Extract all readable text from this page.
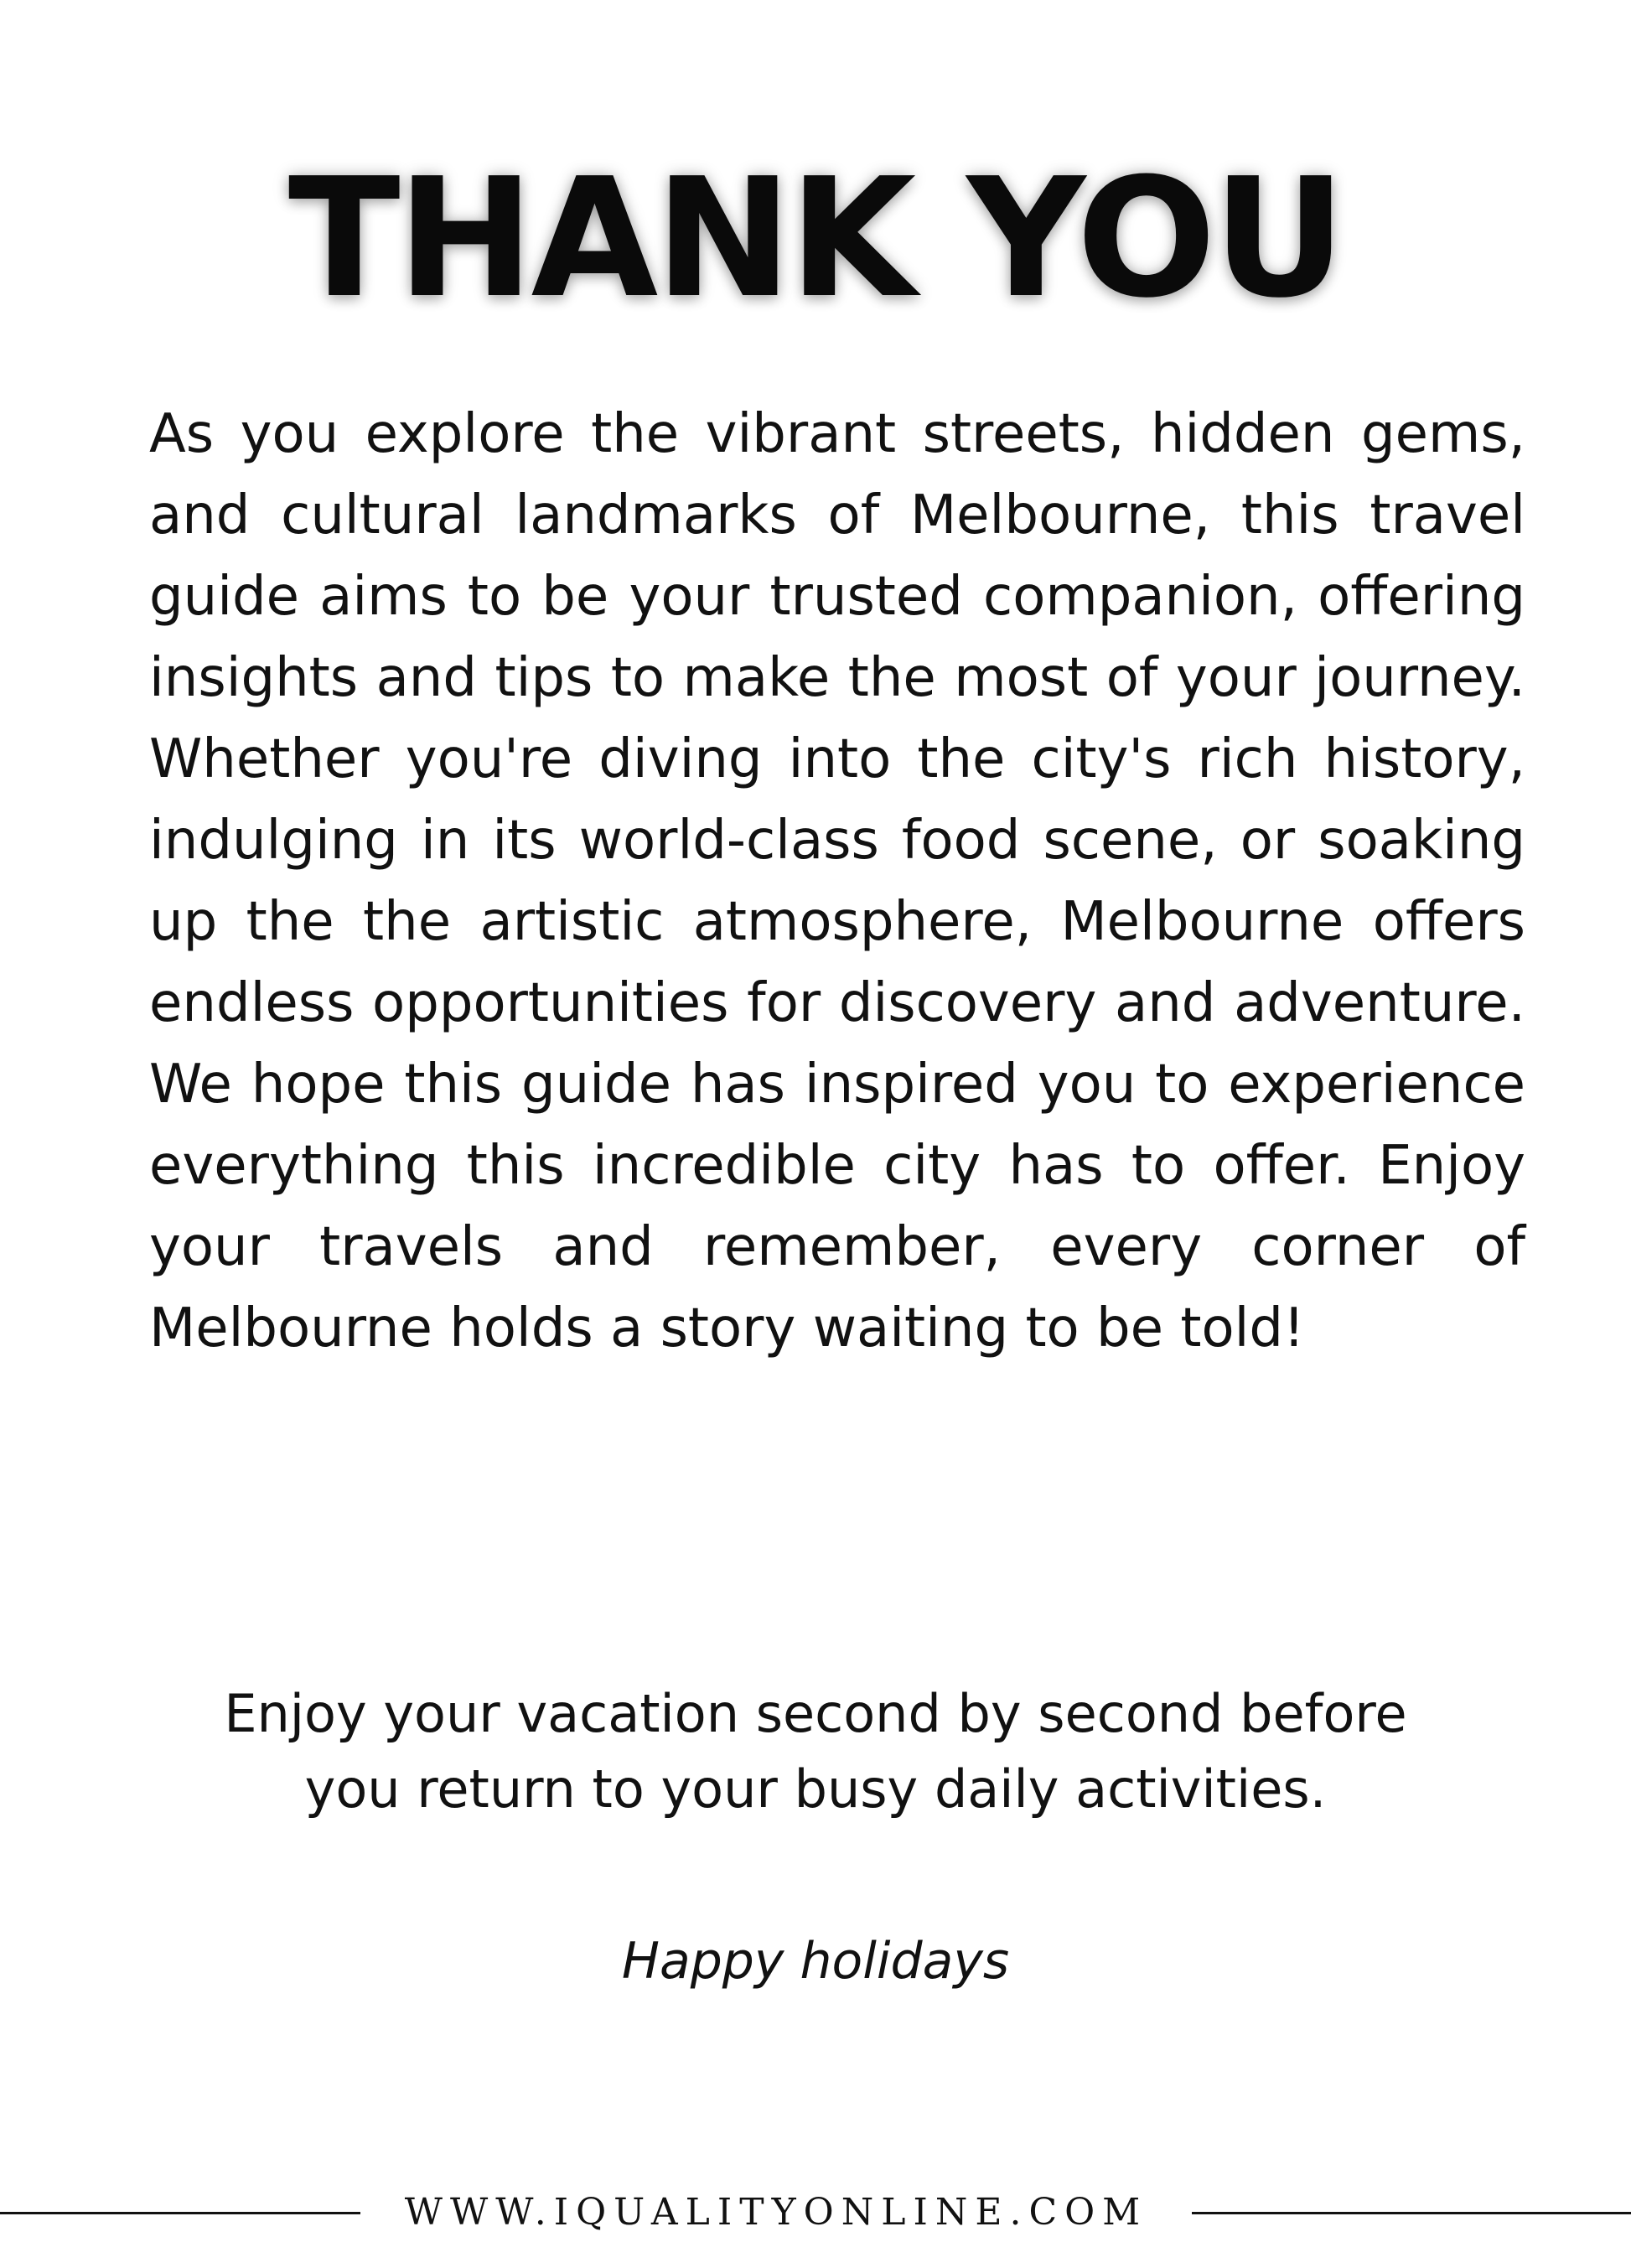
THANK YOU

As you explore the vibrant streets, hidden gems, and cultural landmarks of Melbourne, this travel guide aims to be your trusted companion, offering insights and tips to make the most of your journey. Whether you're diving into the city's rich history, indulging in its world-class food scene, or soaking up the the artistic atmosphere, Melbourne offers endless opportunities for discovery and adventure. We hope this guide has inspired you to experience everything this incredible city has to offer. Enjoy your travels and remember, every corner of Melbourne holds a story waiting to be told!

Enjoy your vacation second by second before
you return to your busy daily activities.

Happy holidays

WWW.IQUALITYONLINE.COM
